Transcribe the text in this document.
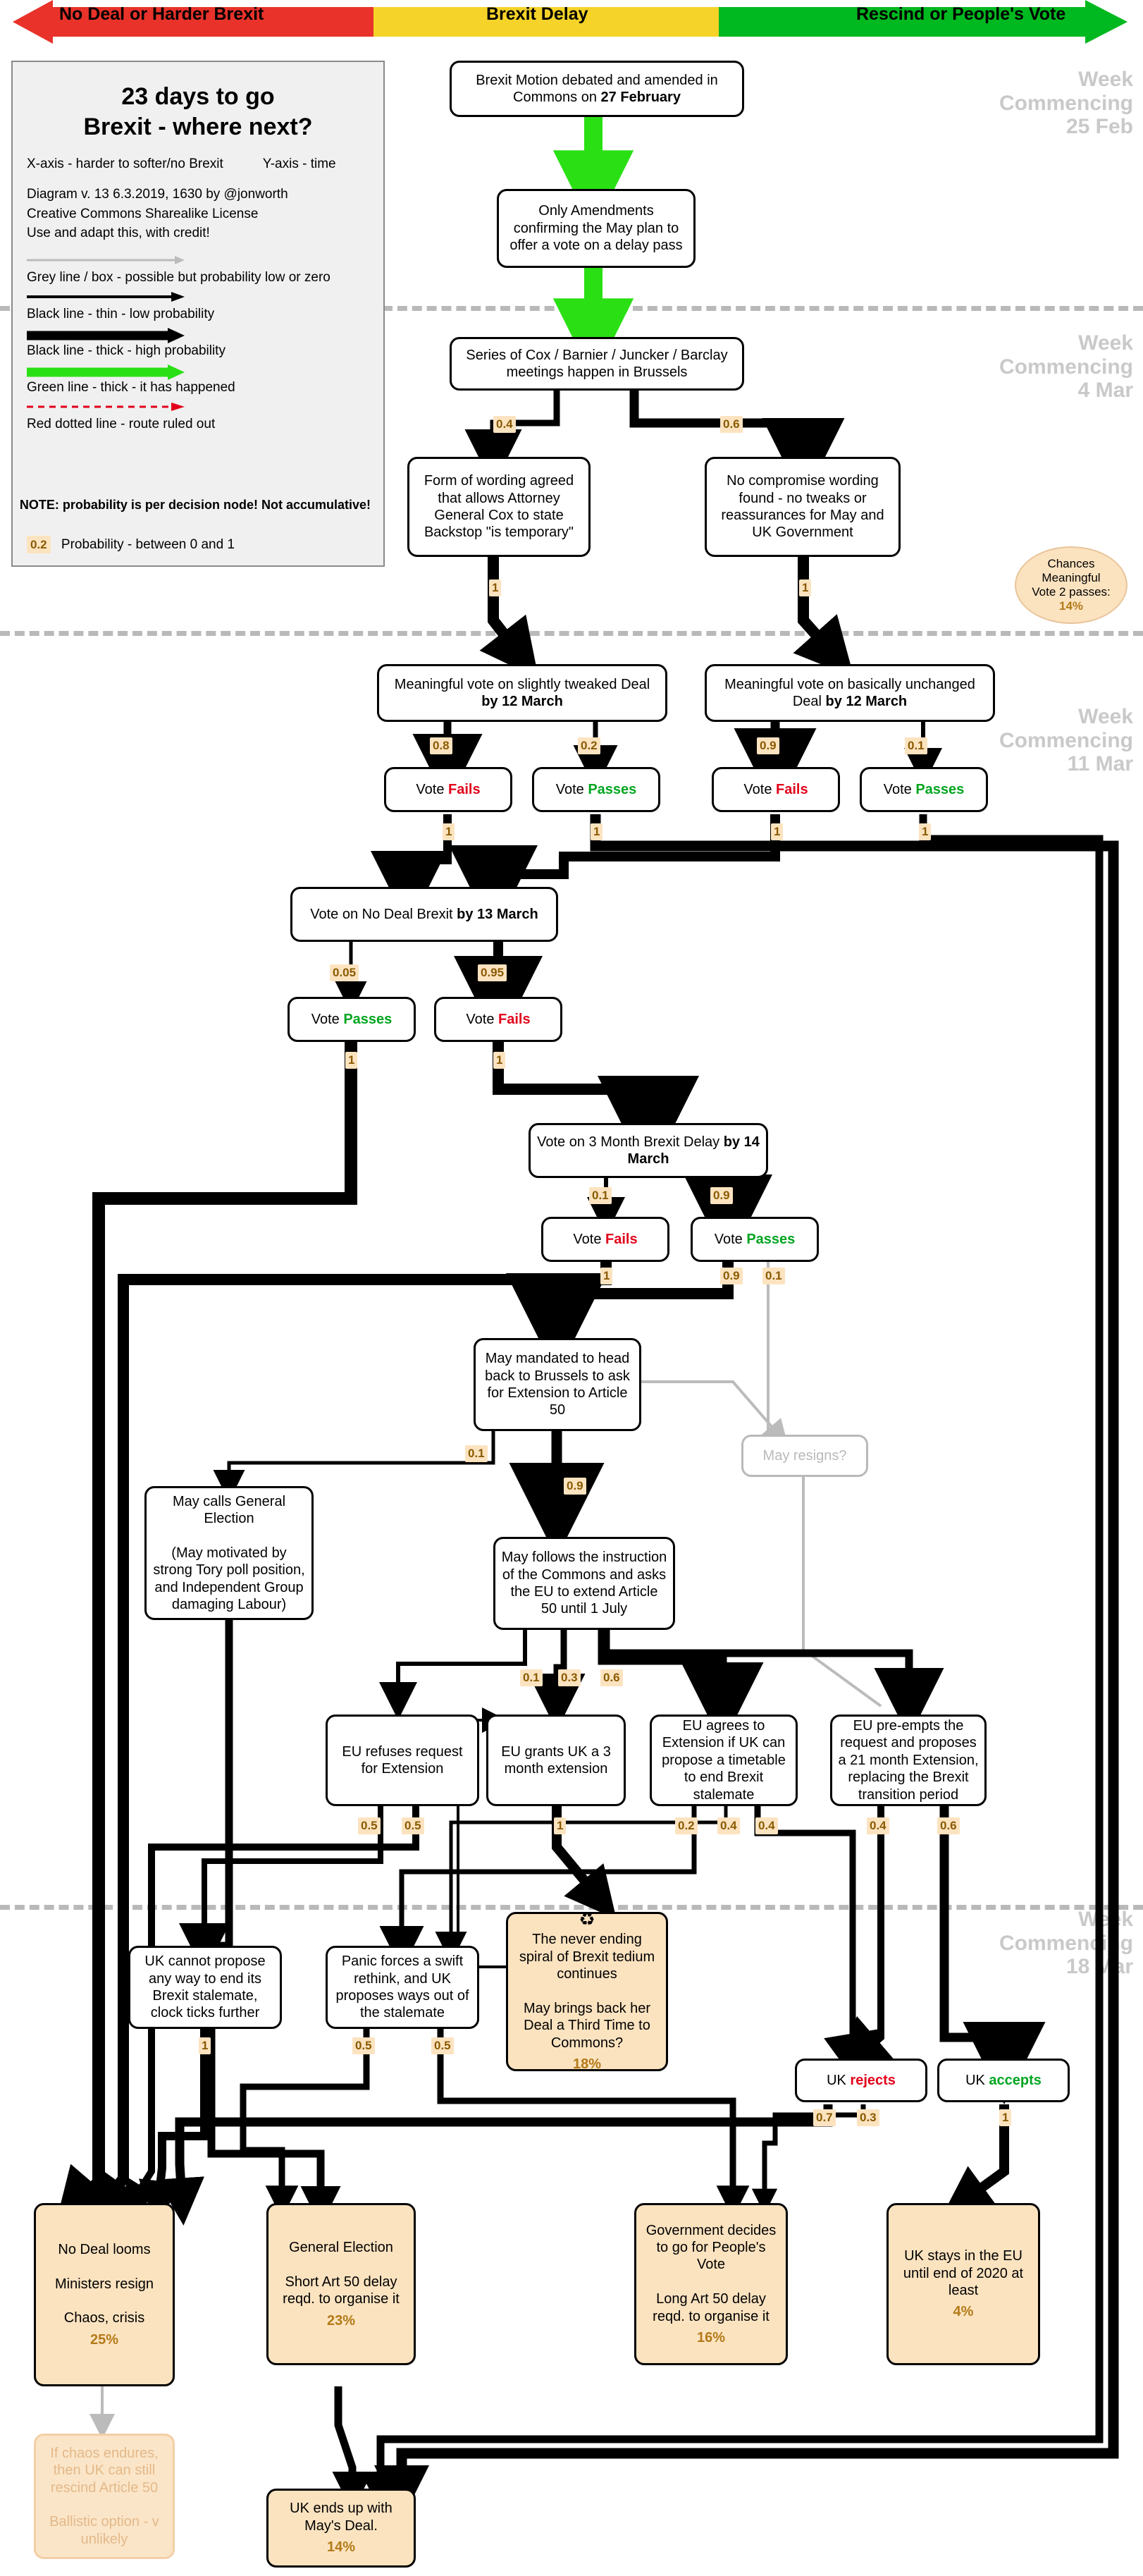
No Deal or Harder Brexit	Brexit Delay	Rescind or People's Vote
Week
Commencing
25 Feb
Week
Commencing
4 Mar
Week
Commencing
11 Mar
Week
Commencing
18 Mar
Brexit Motion debated and amended in Commons on 27 February
Only Amendments confirming the May plan to offer a vote on a delay pass
Series of Cox / Barnier / Juncker / Barclay meetings happen in Brussels
Form of wording agreed that allows Attorney General Cox to state Backstop "is temporary"
No compromise wording found - no tweaks or reassurances for May and UK Government
Meaningful vote on slightly tweaked Deal by 12 March
Meaningful vote on basically unchanged Deal by 12 March
Vote Fails	Vote Passes	Vote Fails	Vote Passes
Vote on No Deal Brexit by 13 March
Vote Passes	Vote Fails
Vote on 3 Month Brexit Delay by 14 March
Vote Fails	Vote Passes
May mandated to head back to Brussels to ask for Extension to Article 50
May resigns?
May calls General Election

(May motivated by strong Tory poll position, and Independent Group damaging Labour)
May follows the instruction of the Commons and asks the EU to extend Article 50 until 1 July
EU refuses request for Extension
EU grants UK a 3 month extension
EU agrees to Extension if UK can propose a timetable to end Brexit stalemate
EU pre-empts the request and proposes a 21 month Extension, replacing the Brexit transition period
UK cannot propose any way to end its Brexit stalemate, clock ticks further
Panic forces a swift rethink, and UK proposes ways out of the stalemate
♻
The never ending spiral of Brexit tedium continues

May brings back her Deal a Third Time to Commons?
18%
UK rejects	UK accepts
No Deal looms

Ministers resign

Chaos, crisis
25%
General Election

Short Art 50 delay reqd. to organise it
23%
Government decides to go for People's Vote

Long Art 50 delay reqd. to organise it
16%
UK stays in the EU until end of 2020 at least
4%
If chaos endures, then UK can still rescind Article 50

Ballistic option - v unlikely
UK ends up with May's Deal.
14%
Chances
Meaningful
Vote 2 passes:
14%
0.4	0.6
1	1
0.8	0.2	0.9	0.1
1	1	1	1
0.05	0.95
1	1
0.1	0.9
1	0.9 0.1
0.1
0.9
0.1 0.3 0.6
0.5 0.5	1	0.2 0.4 0.4	0.4	0.6
0.5	0.5
1
0.7 0.3	1
23 days to go
Brexit - where next?
X-axis - harder to softer/no Brexit	Y-axis - time
Diagram v. 13 6.3.2019, 1630 by @jonworth
Creative Commons Sharealike License
Use and adapt this, with credit!
Grey line / box - possible but probability low or zero
Black line - thin - low probability
Black line - thick - high probability
Green line - thick - it has happened
Red dotted line - route ruled out
NOTE: probability is per decision node! Not accumulative!
0.2 Probability - between 0 and 1
